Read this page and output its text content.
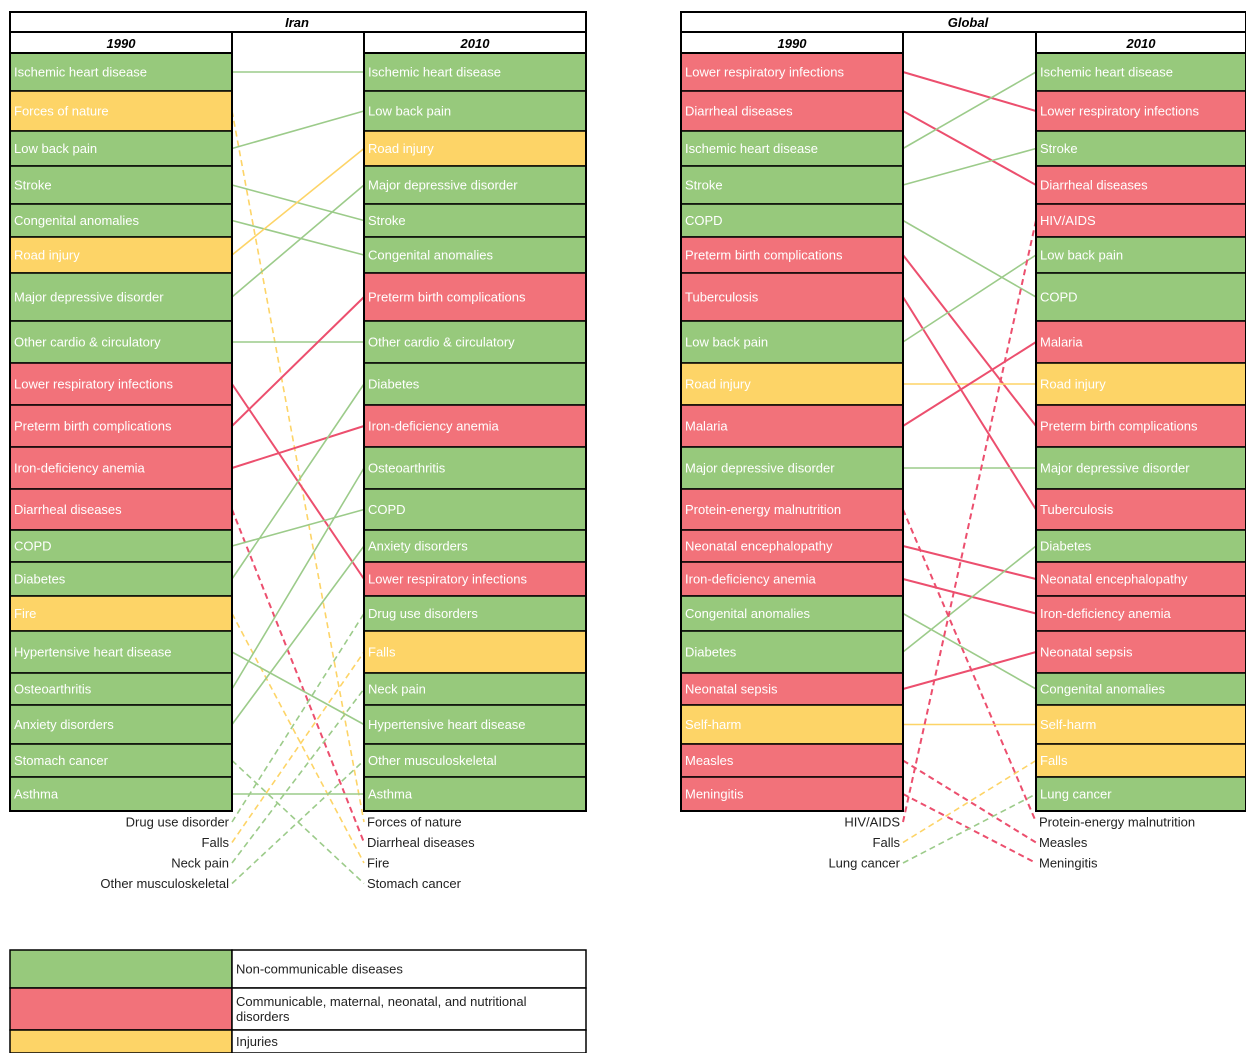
Iran
1990	2010
Ischemic heart disease
Forces of nature
Low back pain
Stroke
Congenital anomalies
Road injury
Major depressive disorder
Other cardio & circulatory
Lower respiratory infections
Preterm birth complications
Iron-deficiency anemia
Diarrheal diseases
COPD
Diabetes
Fire
Hypertensive heart disease
Osteoarthritis
Anxiety disorders
Stomach cancer
Asthma
Ischemic heart disease
Low back pain
Road injury
Major depressive disorder
Stroke
Congenital anomalies
Preterm birth complications
Other cardio & circulatory
Diabetes
Iron-deficiency anemia
Osteoarthritis
COPD
Anxiety disorders
Lower respiratory infections
Drug use disorders
Falls
Neck pain
Hypertensive heart disease
Other musculoskeletal
Asthma
Drug use disorder
Falls
Neck pain
Other musculoskeletal
Forces of nature
Diarrheal diseases
Fire
Stomach cancer
Global
1990	2010
Lower respiratory infections
Diarrheal diseases
Ischemic heart disease
Stroke
COPD
Preterm birth complications
Tuberculosis
Low back pain
Road injury
Malaria
Major depressive disorder
Protein-energy malnutrition
Neonatal encephalopathy
Iron-deficiency anemia
Congenital anomalies
Diabetes
Neonatal sepsis
Self-harm
Measles
Meningitis
Ischemic heart disease
Lower respiratory infections
Stroke
Diarrheal diseases
HIV/AIDS
Low back pain
COPD
Malaria
Road injury
Preterm birth complications
Major depressive disorder
Tuberculosis
Diabetes
Neonatal encephalopathy
Iron-deficiency anemia
Neonatal sepsis
Congenital anomalies
Self-harm
Falls
Lung cancer
HIV/AIDS
Falls
Lung cancer
Protein-energy malnutrition
Measles
Meningitis
Non-communicable diseases
Communicable, maternal, neonatal, and nutritional
disorders
Injuries
